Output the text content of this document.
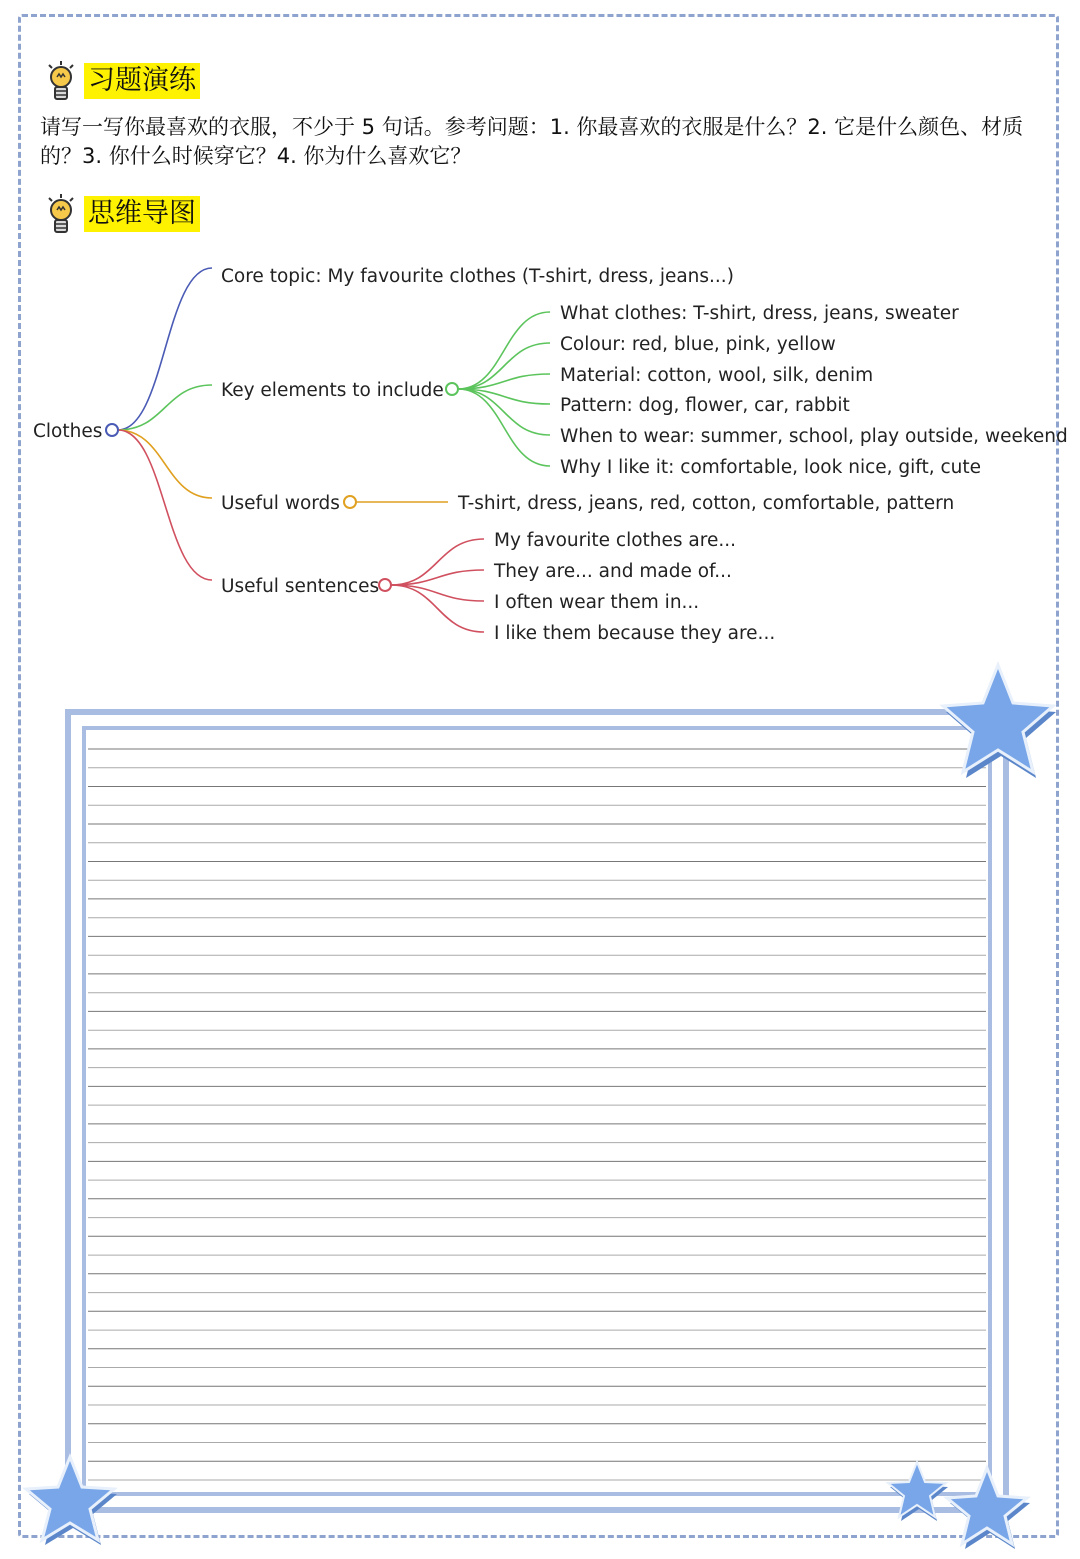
习题演练
请写一写你最喜欢的衣服，不少于 5 句话。参考问题：1. 你最喜欢的衣服是什么？2. 它是什么颜色、材质的？3. 你什么时候穿它？4. 你为什么喜欢它？
思维导图
Clothes
Core topic: My favourite clothes (T-shirt, dress, jeans...)
Key elements to include
Useful words
Useful sentences
What clothes: T-shirt, dress, jeans, sweater
Colour: red, blue, pink, yellow
Material: cotton, wool, silk, denim
Pattern: dog, flower, car, rabbit
When to wear: summer, school, play outside, weekend
Why I like it: comfortable, look nice, gift, cute
T-shirt, dress, jeans, red, cotton, comfortable, pattern
My favourite clothes are...
They are... and made of...
I often wear them in...
I like them because they are...
